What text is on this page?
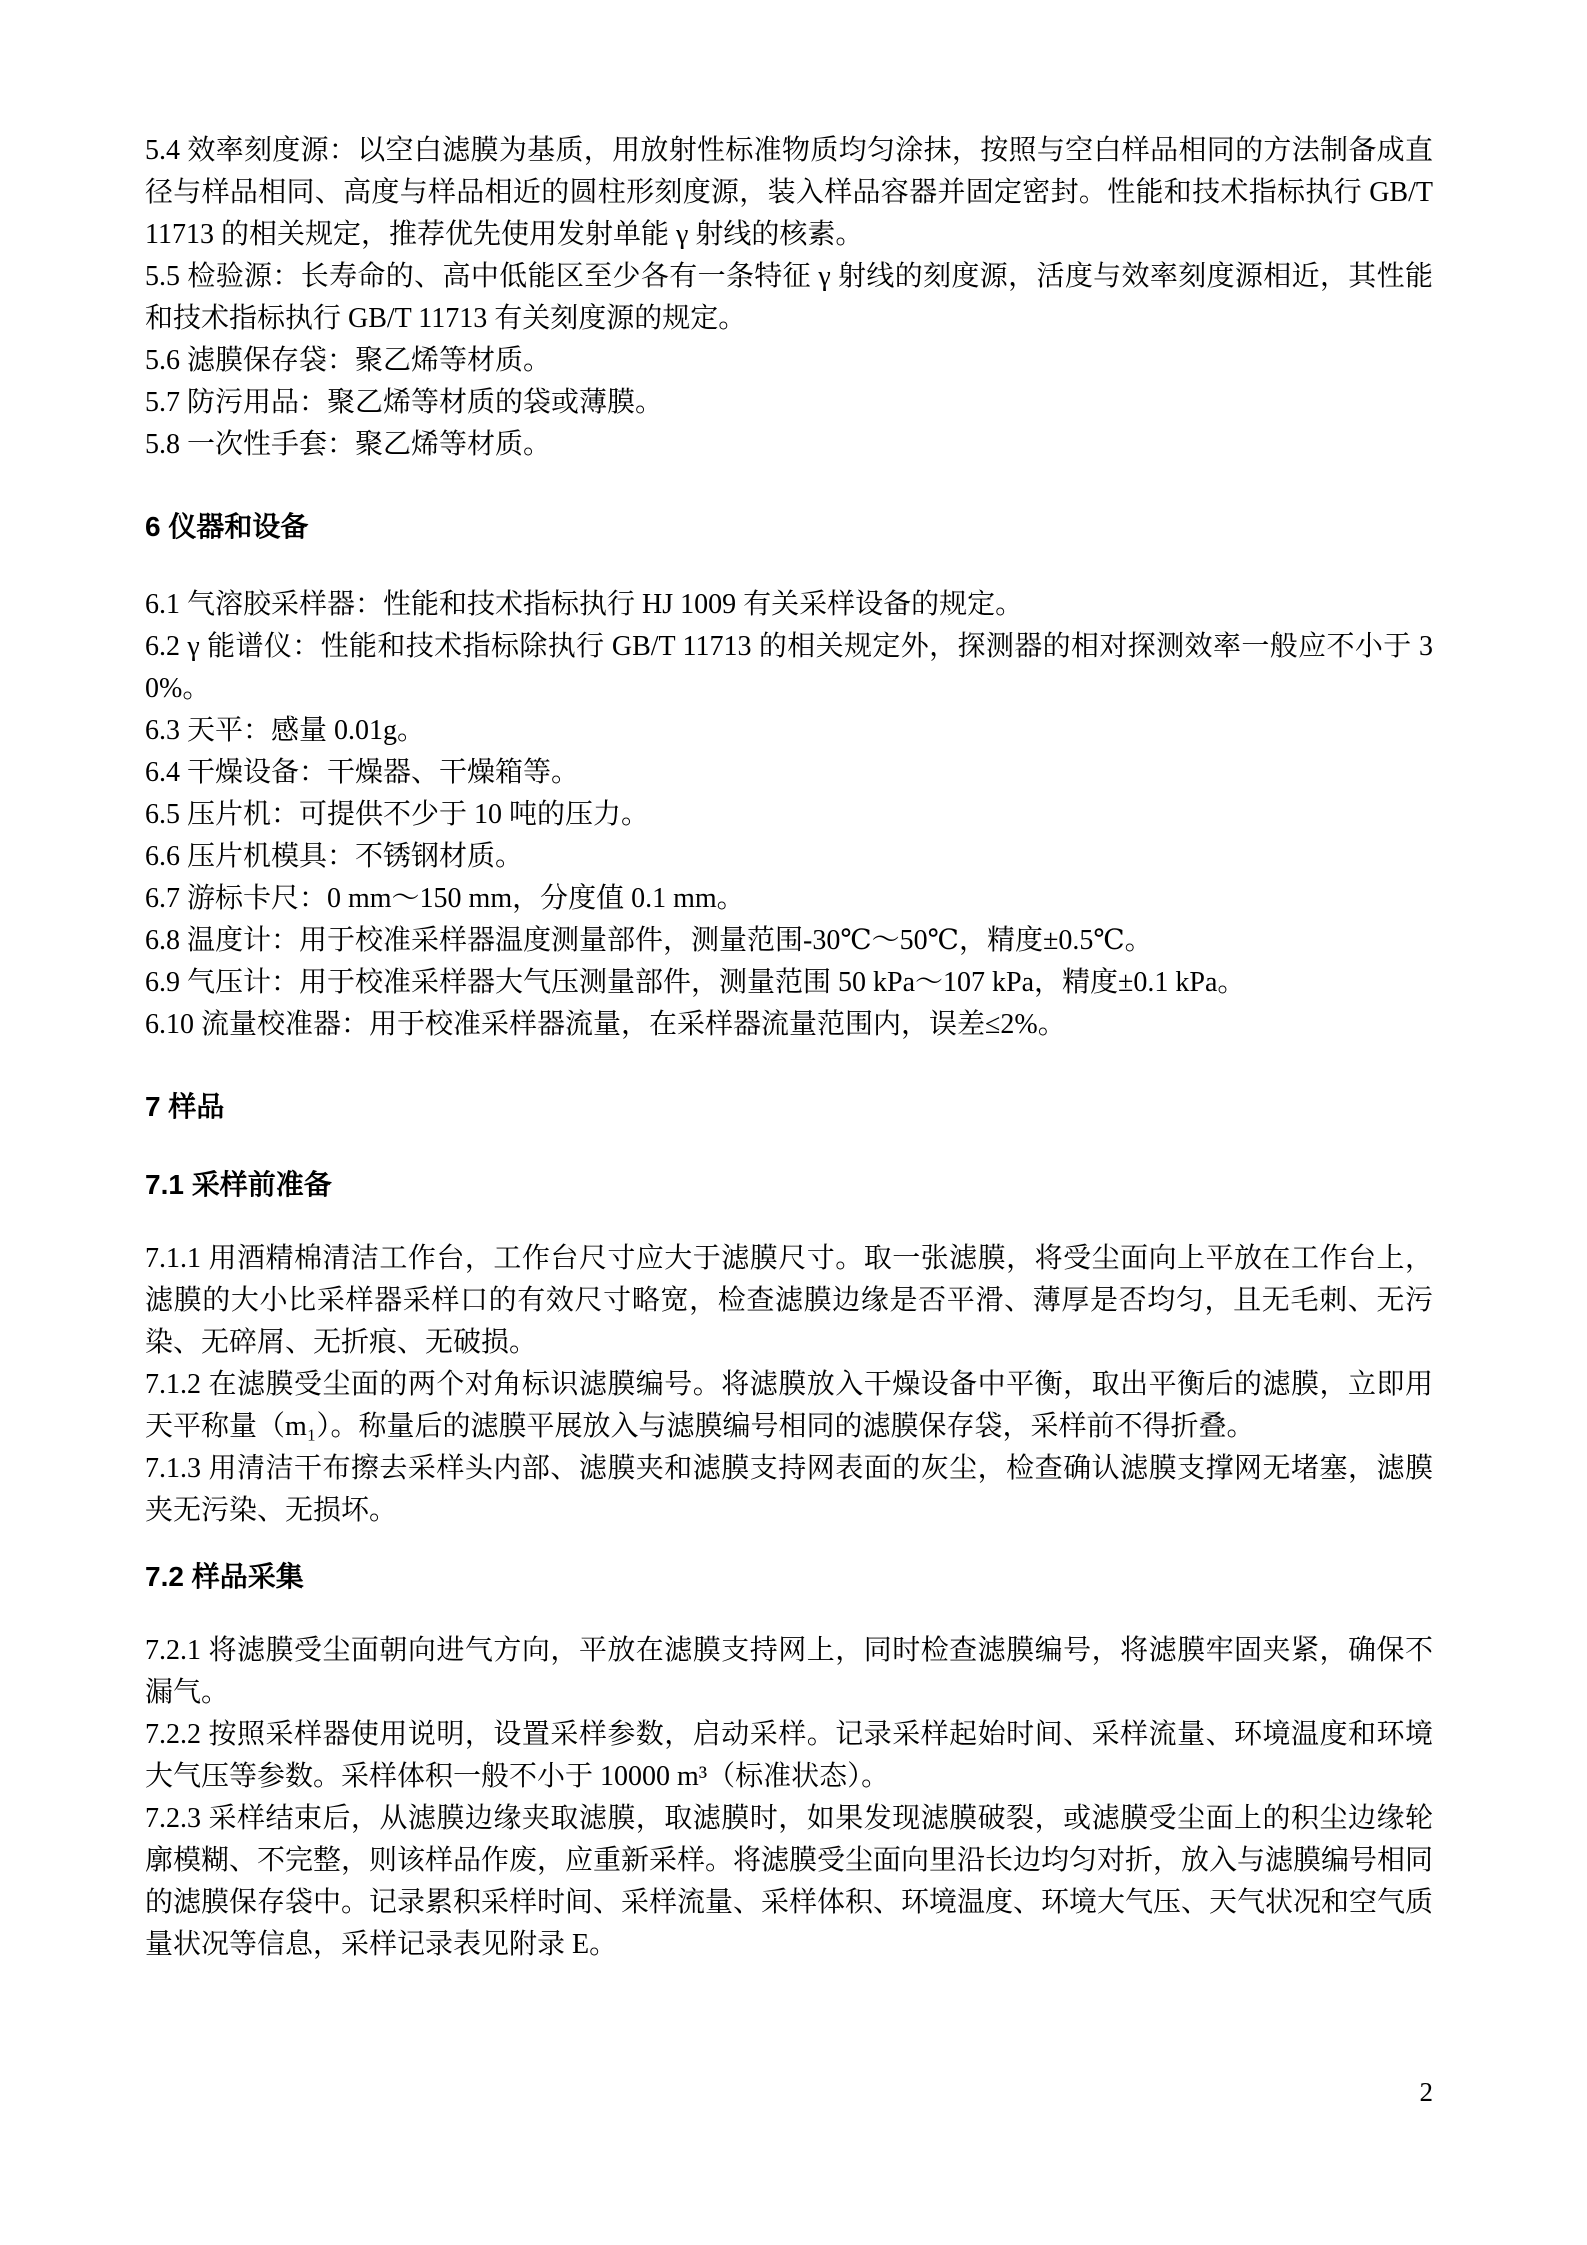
5.4 效率刻度源：以空白滤膜为基质，用放射性标准物质均匀涂抹，按照与空白样品相同的方法制备成直径与样品相同、高度与样品相近的圆柱形刻度源，装入样品容器并固定密封。性能和技术指标执行 GB/T 11713 的相关规定，推荐优先使用发射单能 γ 射线的核素。

5.5 检验源：长寿命的、高中低能区至少各有一条特征 γ 射线的刻度源，活度与效率刻度源相近，其性能和技术指标执行 GB/T 11713 有关刻度源的规定。

5.6 滤膜保存袋：聚乙烯等材质。

5.7 防污用品：聚乙烯等材质的袋或薄膜。

5.8 一次性手套：聚乙烯等材质。

6 仪器和设备

6.1 气溶胶采样器：性能和技术指标执行 HJ 1009 有关采样设备的规定。

6.2 γ 能谱仪：性能和技术指标除执行 GB/T 11713 的相关规定外，探测器的相对探测效率一般应不小于 30%。

6.3 天平：感量 0.01g。

6.4 干燥设备：干燥器、干燥箱等。

6.5 压片机：可提供不少于 10 吨的压力。

6.6 压片机模具：不锈钢材质。

6.7 游标卡尺：0 mm～150 mm，分度值 0.1 mm。

6.8 温度计：用于校准采样器温度测量部件，测量范围-30℃～50℃，精度±0.5℃。

6.9 气压计：用于校准采样器大气压测量部件，测量范围 50 kPa～107 kPa，精度±0.1 kPa。

6.10 流量校准器：用于校准采样器流量，在采样器流量范围内，误差≤2%。

7 样品
7.1 采样前准备

7.1.1 用酒精棉清洁工作台，工作台尺寸应大于滤膜尺寸。取一张滤膜，将受尘面向上平放在工作台上，滤膜的大小比采样器采样口的有效尺寸略宽，检查滤膜边缘是否平滑、薄厚是否均匀，且无毛刺、无污染、无碎屑、无折痕、无破损。

7.1.2 在滤膜受尘面的两个对角标识滤膜编号。将滤膜放入干燥设备中平衡，取出平衡后的滤膜，立即用天平称量（m₁）。称量后的滤膜平展放入与滤膜编号相同的滤膜保存袋，采样前不得折叠。

7.1.3 用清洁干布擦去采样头内部、滤膜夹和滤膜支持网表面的灰尘，检查确认滤膜支撑网无堵塞，滤膜夹无污染、无损坏。

7.2 样品采集

7.2.1 将滤膜受尘面朝向进气方向，平放在滤膜支持网上，同时检查滤膜编号，将滤膜牢固夹紧，确保不漏气。

7.2.2 按照采样器使用说明，设置采样参数，启动采样。记录采样起始时间、采样流量、环境温度和环境大气压等参数。采样体积一般不小于 10000 m³（标准状态）。

7.2.3 采样结束后，从滤膜边缘夹取滤膜，取滤膜时，如果发现滤膜破裂，或滤膜受尘面上的积尘边缘轮廓模糊、不完整，则该样品作废，应重新采样。将滤膜受尘面向里沿长边均匀对折，放入与滤膜编号相同的滤膜保存袋中。记录累积采样时间、采样流量、采样体积、环境温度、环境大气压、天气状况和空气质量状况等信息，采样记录表见附录 E。

2
